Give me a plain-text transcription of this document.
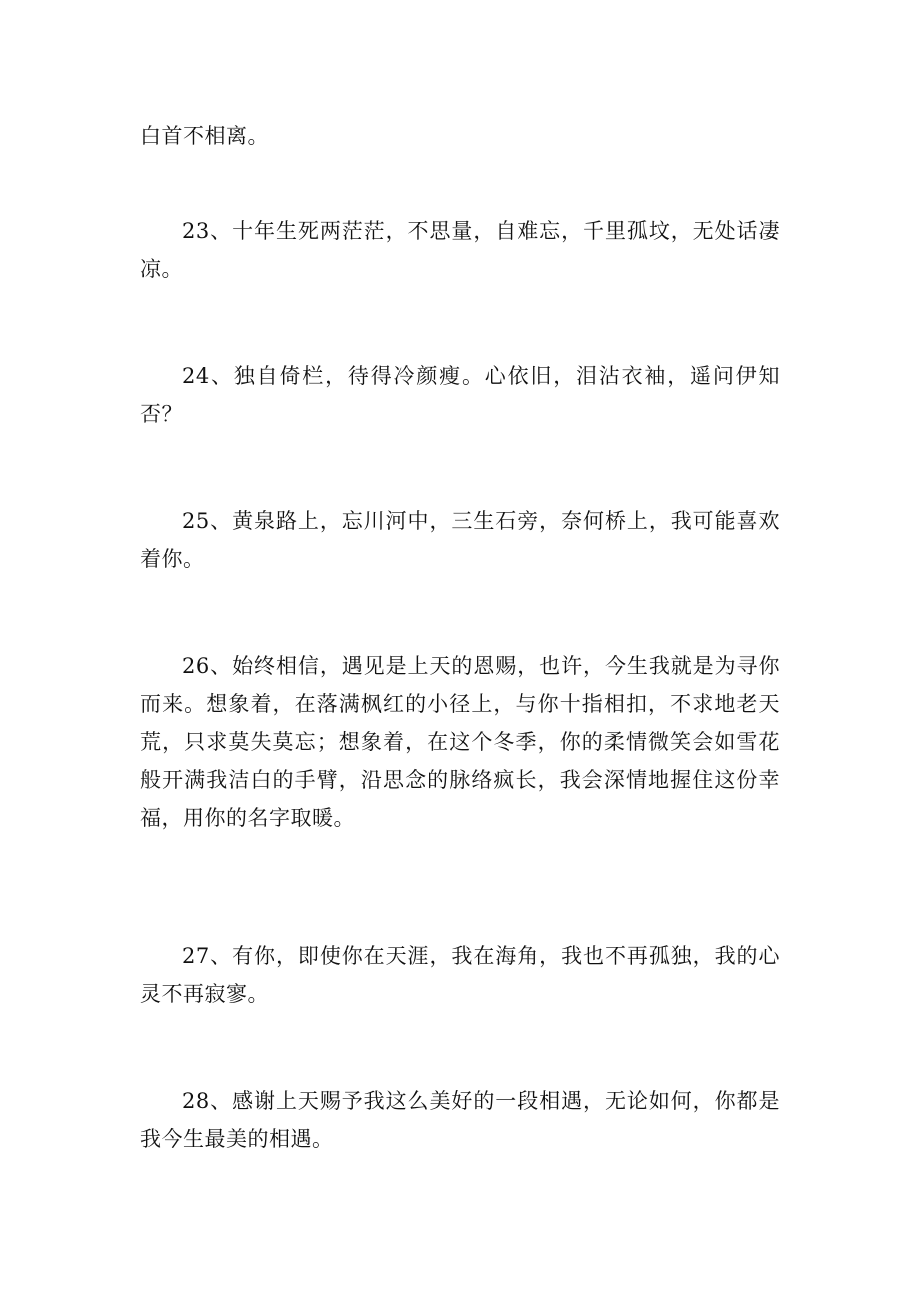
白首不相离。

23、十年生死两茫茫，不思量，自难忘，千里孤坟，无处话凄凉。

24、独自倚栏，待得冷颜瘦。心依旧，泪沾衣袖，遥问伊知否？

25、黄泉路上，忘川河中，三生石旁，奈何桥上，我可能喜欢着你。

26、始终相信，遇见是上天的恩赐，也许，今生我就是为寻你而来。想象着，在落满枫红的小径上，与你十指相扣，不求地老天荒，只求莫失莫忘；想象着，在这个冬季，你的柔情微笑会如雪花般开满我洁白的手臂，沿思念的脉络疯长，我会深情地握住这份幸福，用你的名字取暖。

27、有你，即使你在天涯，我在海角，我也不再孤独，我的心灵不再寂寥。

28、感谢上天赐予我这么美好的一段相遇，无论如何，你都是我今生最美的相遇。
